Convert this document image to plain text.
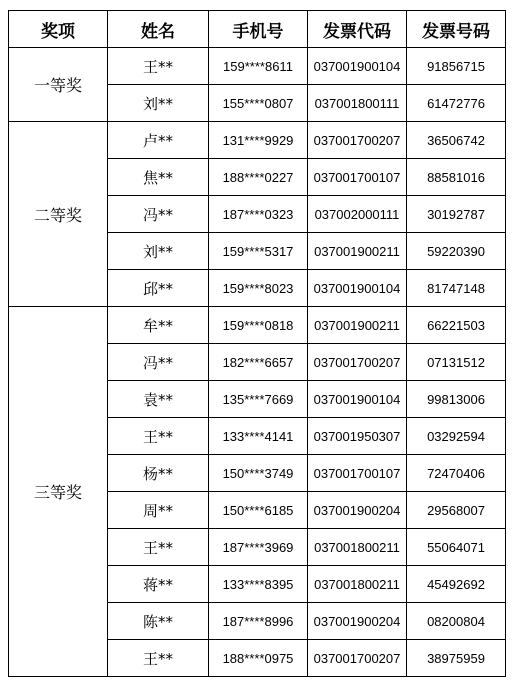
奖项	姓名	手机号	发票代码	发票号码
一等奖	王**	159****8611	037001900104	91856715
	刘**	155****0807	037001800111	61472776
二等奖	卢**	131****9929	037001700207	36506742
	焦**	188****0227	037001700107	88581016
	冯**	187****0323	037002000111	30192787
	刘**	159****5317	037001900211	59220390
	邱**	159****8023	037001900104	81747148
三等奖	牟**	159****0818	037001900211	66221503
	冯**	182****6657	037001700207	07131512
	袁**	135****7669	037001900104	99813006
	王**	133****4141	037001950307	03292594
	杨**	150****3749	037001700107	72470406
	周**	150****6185	037001900204	29568007
	王**	187****3969	037001800211	55064071
	蒋**	133****8395	037001800211	45492692
	陈**	187****8996	037001900204	08200804
	王**	188****0975	037001700207	38975959
